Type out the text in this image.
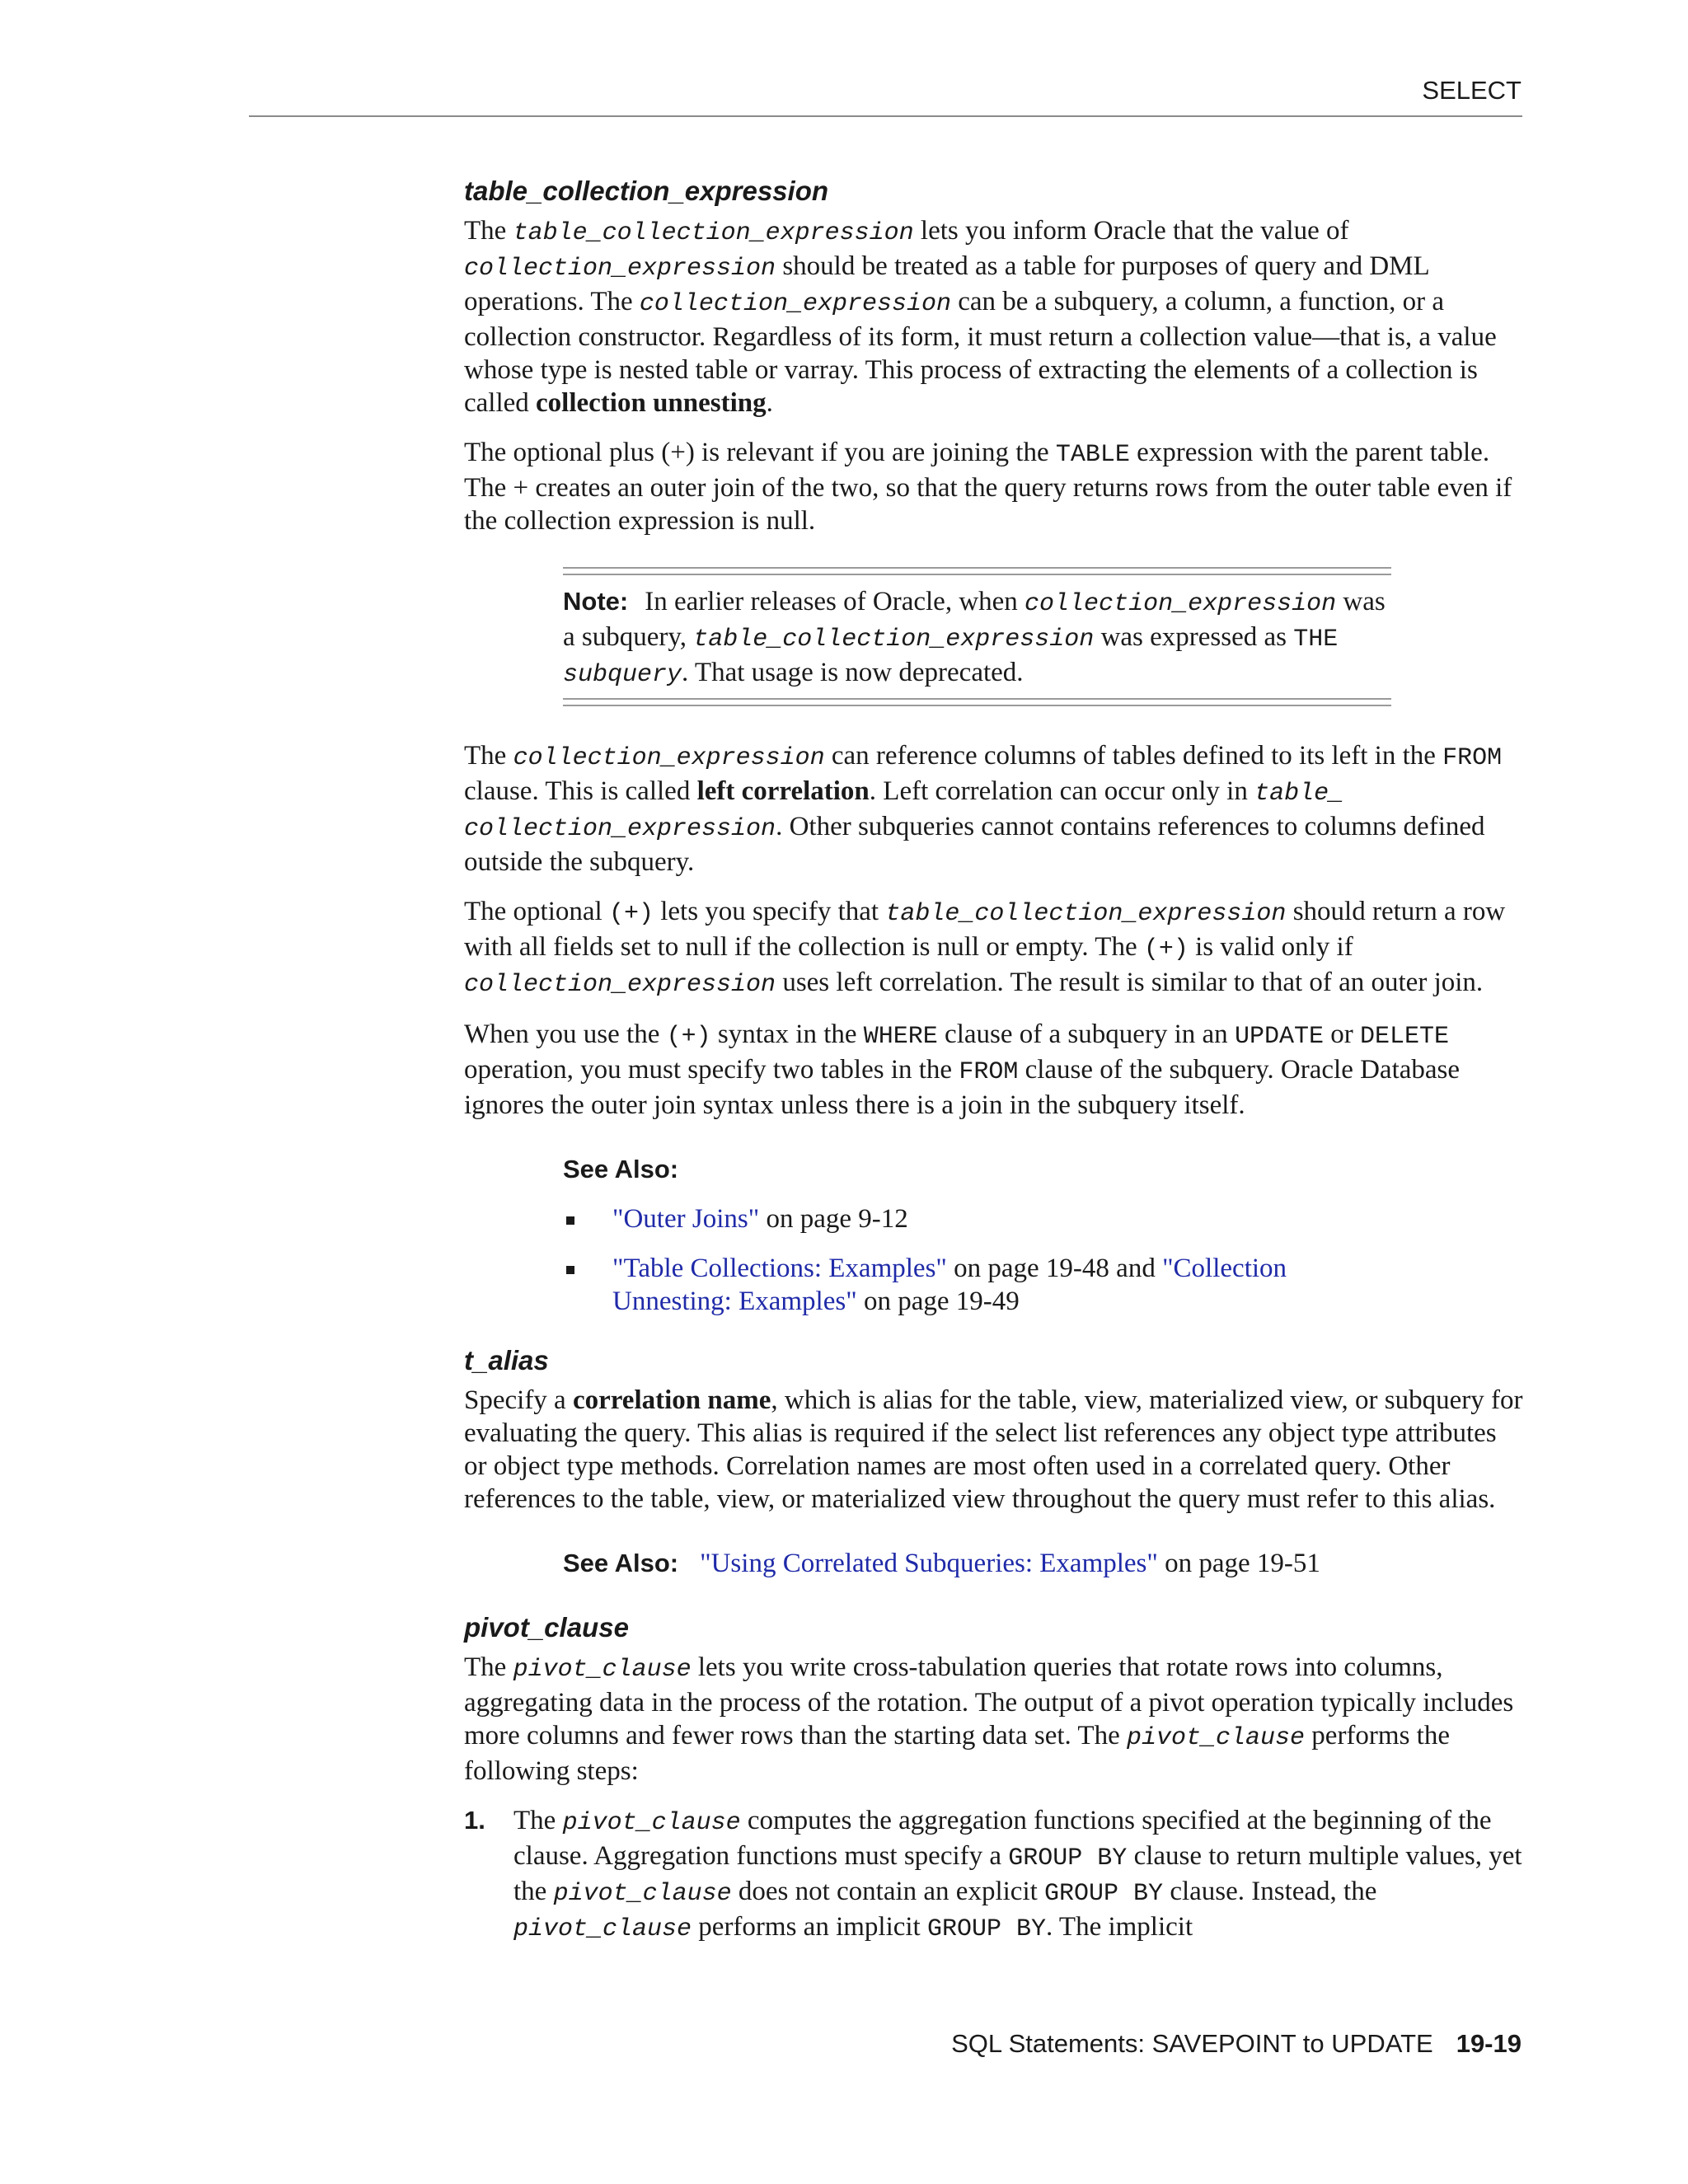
SELECT
table_collection_expression

The table_collection_expression lets you inform Oracle that the value of collection_expression should be treated as a table for purposes of query and DML operations. The collection_expression can be a subquery, a column, a function, or a collection constructor. Regardless of its form, it must return a collection value—that is, a value whose type is nested table or varray. This process of extracting the elements of a collection is called collection unnesting.

The optional plus (+) is relevant if you are joining the TABLE expression with the parent table. The + creates an outer join of the two, so that the query returns rows from the outer table even if the collection expression is null.

Note: In earlier releases of Oracle, when collection_expression was a subquery, table_collection_expression was expressed as THE subquery. That usage is now deprecated.

The collection_expression can reference columns of tables defined to its left in the FROM clause. This is called left correlation. Left correlation can occur only in table_ collection_expression. Other subqueries cannot contains references to columns defined outside the subquery.

The optional (+) lets you specify that table_collection_expression should return a row with all fields set to null if the collection is null or empty. The (+) is valid only if collection_expression uses left correlation. The result is similar to that of an outer join.

When you use the (+) syntax in the WHERE clause of a subquery in an UPDATE or DELETE operation, you must specify two tables in the FROM clause of the subquery. Oracle Database ignores the outer join syntax unless there is a join in the subquery itself.

See Also:
"Outer Joins" on page 9-12
"Table Collections: Examples" on page 19-48 and "Collection Unnesting: Examples" on page 19-49
t_alias

Specify a correlation name, which is alias for the table, view, materialized view, or subquery for evaluating the query. This alias is required if the select list references any object type attributes or object type methods. Correlation names are most often used in a correlated query. Other references to the table, view, or materialized view throughout the query must refer to this alias.

See Also: "Using Correlated Subqueries: Examples" on page 19-51
pivot_clause

The pivot_clause lets you write cross-tabulation queries that rotate rows into columns, aggregating data in the process of the rotation. The output of a pivot operation typically includes more columns and fewer rows than the starting data set. The pivot_clause performs the following steps:

1.	The pivot_clause computes the aggregation functions specified at the beginning of the clause. Aggregation functions must specify a GROUP BY clause to return multiple values, yet the pivot_clause does not contain an explicit GROUP BY clause. Instead, the pivot_clause performs an implicit GROUP BY. The implicit
SQL Statements: SAVEPOINT to UPDATE 19-19
